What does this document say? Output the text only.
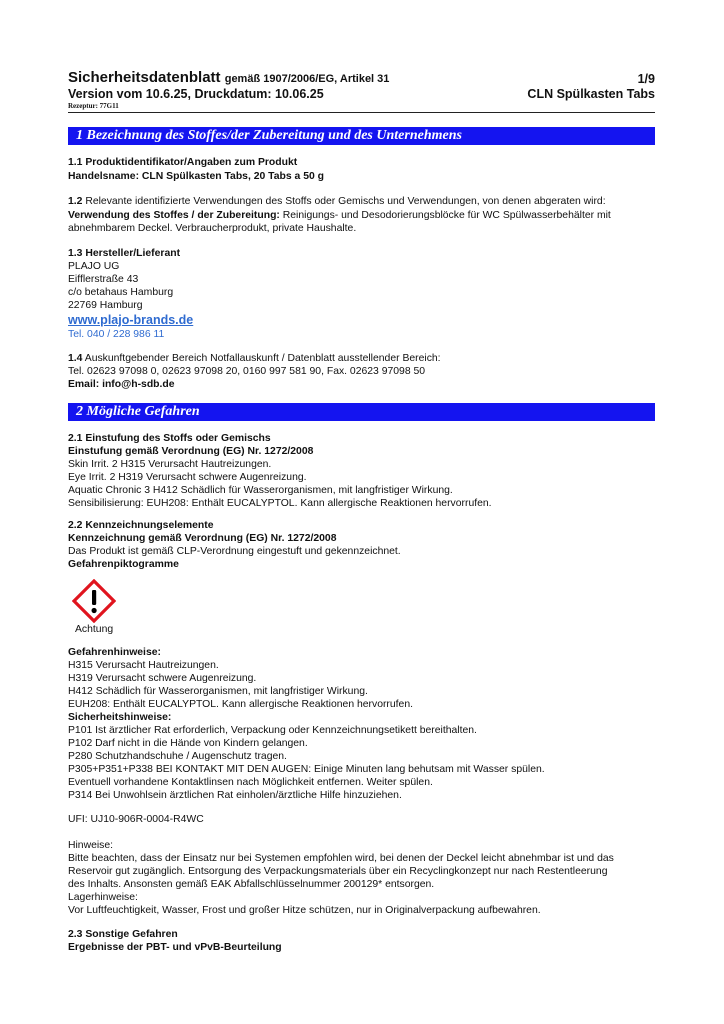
Sicherheitsdatenblatt gemäß 1907/2006/EG, Artikel 31	1/9
Version vom 10.6.25, Druckdatum: 10.06.25	CLN Spülkasten Tabs
Rezeptur: 77G11
1 Bezeichnung des Stoffes/der Zubereitung und des Unternehmens
1.1 Produktidentifikator/Angaben zum Produkt
Handelsname: CLN Spülkasten Tabs, 20 Tabs a 50 g
1.2 Relevante identifizierte Verwendungen des Stoffs oder Gemischs und Verwendungen, von denen abgeraten wird:
Verwendung des Stoffes / der Zubereitung: Reinigungs- und Desodorierungsblöcke für WC Spülwasserbehälter mit
abnehmbarem Deckel. Verbraucherprodukt, private Haushalte.
1.3 Hersteller/Lieferant
PLAJO UG
Eifflerstraße 43
c/o betahaus Hamburg
22769 Hamburg
www.plajo-brands.de
Tel. 040 / 228 986 11
1.4 Auskunftgebender Bereich Notfallauskunft / Datenblatt ausstellender Bereich:
Tel. 02623 97098 0, 02623 97098 20, 0160 997 581 90, Fax. 02623 97098 50
Email: info@h-sdb.de
2 Mögliche Gefahren
2.1 Einstufung des Stoffs oder Gemischs
Einstufung gemäß Verordnung (EG) Nr. 1272/2008
Skin Irrit. 2 H315 Verursacht Hautreizungen.
Eye Irrit. 2 H319 Verursacht schwere Augenreizung.
Aquatic Chronic 3 H412 Schädlich für Wasserorganismen, mit langfristiger Wirkung.
Sensibilisierung: EUH208: Enthält EUCALYPTOL. Kann allergische Reaktionen hervorrufen.
2.2 Kennzeichnungselemente
Kennzeichnung gemäß Verordnung (EG) Nr. 1272/2008
Das Produkt ist gemäß CLP-Verordnung eingestuft und gekennzeichnet.
Gefahrenpiktogramme
Achtung
Gefahrenhinweise:
H315 Verursacht Hautreizungen.
H319 Verursacht schwere Augenreizung.
H412 Schädlich für Wasserorganismen, mit langfristiger Wirkung.
EUH208: Enthält EUCALYPTOL. Kann allergische Reaktionen hervorrufen.
Sicherheitshinweise:
P101 Ist ärztlicher Rat erforderlich, Verpackung oder Kennzeichnungsetikett bereithalten.
P102 Darf nicht in die Hände von Kindern gelangen.
P280 Schutzhandschuhe / Augenschutz tragen.
P305+P351+P338 BEI KONTAKT MIT DEN AUGEN: Einige Minuten lang behutsam mit Wasser spülen.
Eventuell vorhandene Kontaktlinsen nach Möglichkeit entfernen. Weiter spülen.
P314 Bei Unwohlsein ärztlichen Rat einholen/ärztliche Hilfe hinzuziehen.
UFI: UJ10-906R-0004-R4WC
Hinweise:
Bitte beachten, dass der Einsatz nur bei Systemen empfohlen wird, bei denen der Deckel leicht abnehmbar ist und das
Reservoir gut zugänglich. Entsorgung des Verpackungsmaterials über ein Recyclingkonzept nur nach Restentleerung
des Inhalts. Ansonsten gemäß EAK Abfallschlüsselnummer 200129* entsorgen.
Lagerhinweise:
Vor Luftfeuchtigkeit, Wasser, Frost und großer Hitze schützen, nur in Originalverpackung aufbewahren.
2.3 Sonstige Gefahren
Ergebnisse der PBT- und vPvB-Beurteilung
